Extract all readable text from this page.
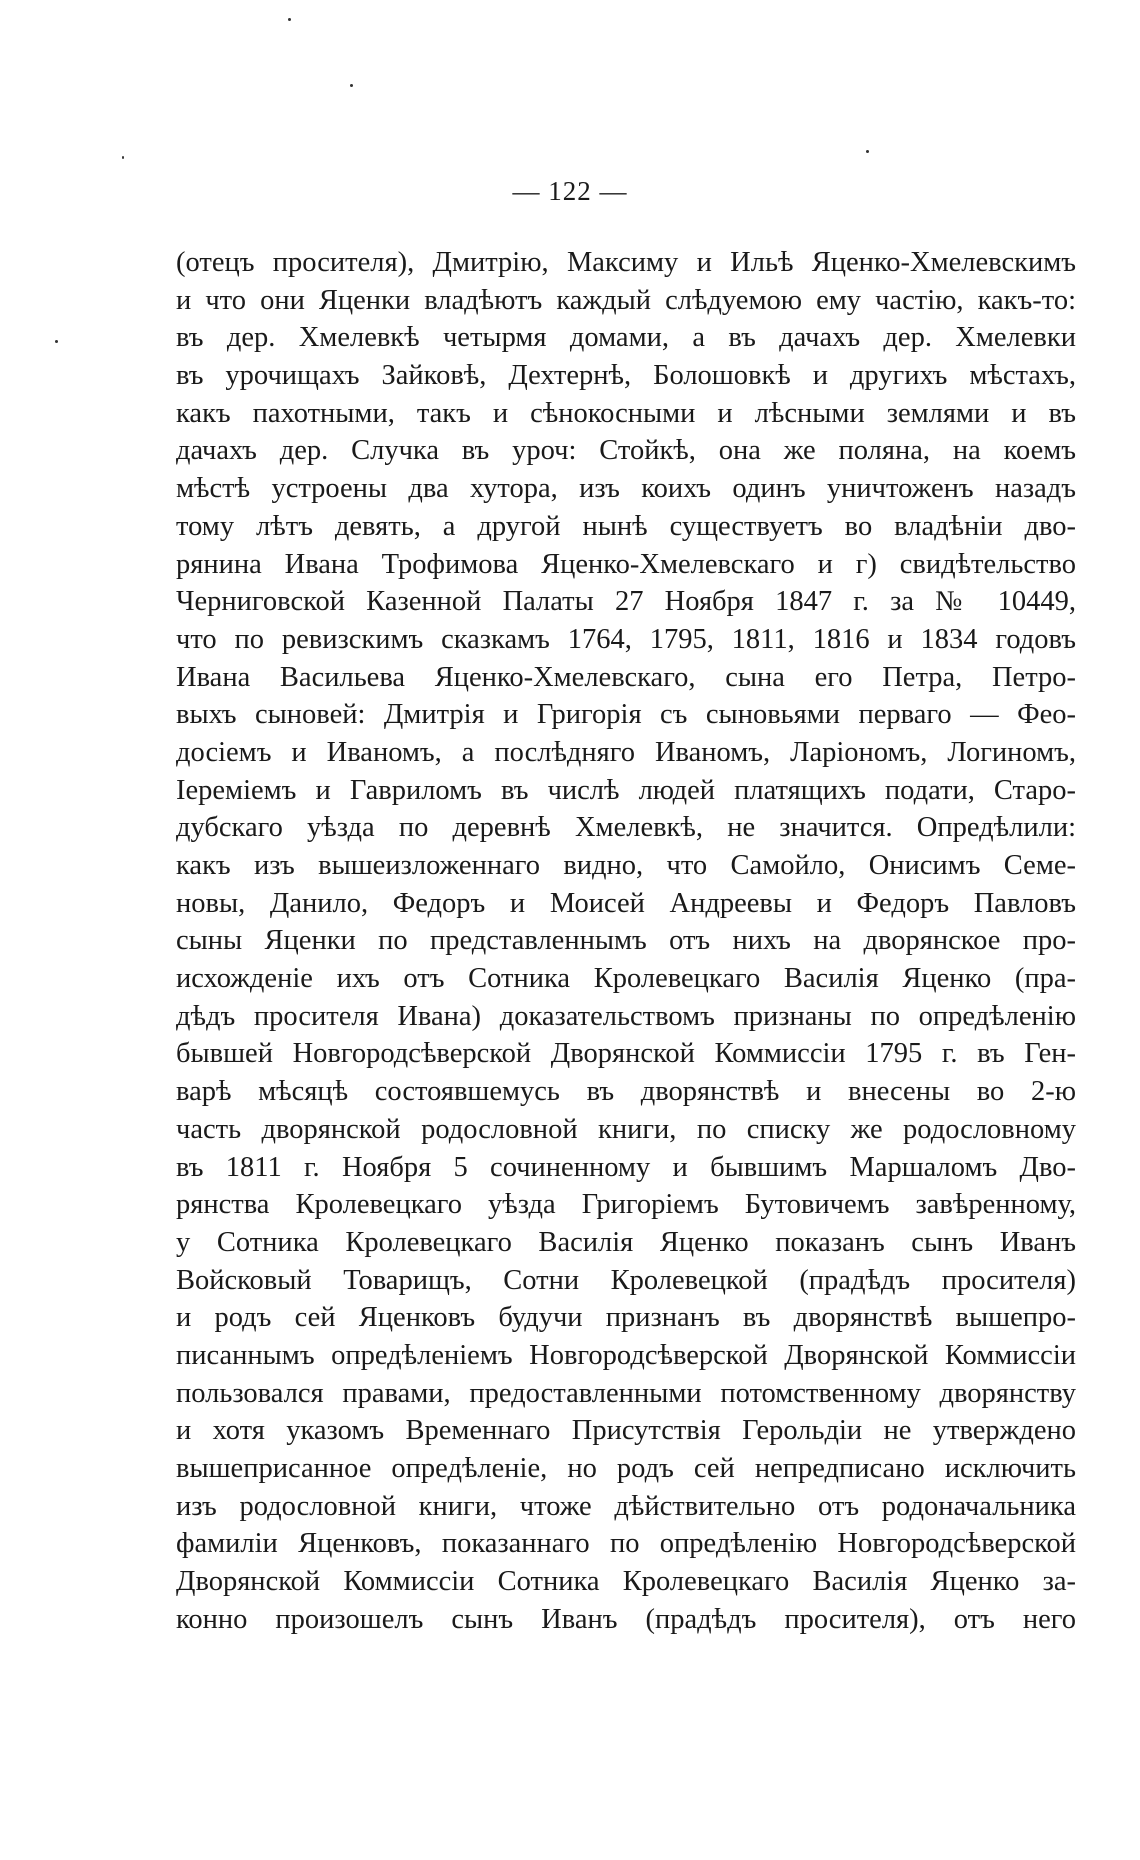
— 122 —
(отецъ просителя), Дмитрію, Максиму и Ильѣ Яценко-Хмелевскимъ
и что они Яценки владѣютъ каждый слѣдуемою ему частію, какъ-то:
въ дер. Хмелевкѣ четырмя домами, а въ дачахъ дер. Хмелевки
въ урочищахъ Зайковѣ, Дехтернѣ, Болошовкѣ и другихъ мѣстахъ,
какъ пахотными, такъ и сѣнокосными и лѣсными землями и въ
дачахъ дер. Случка въ уроч: Стойкѣ, она же поляна, на коемъ
мѣстѣ устроены два хутора, изъ коихъ одинъ уничтоженъ назадъ
тому лѣтъ девять, а другой нынѣ существуетъ во владѣніи дво-
рянина Ивана Трофимова Яценко-Хмелевскаго и г) свидѣтельство
Черниговской Казенной Палаты 27 Ноября 1847 г. за № 10449,
что по ревизскимъ сказкамъ 1764, 1795, 1811, 1816 и 1834 годовъ
Ивана Васильева Яценко-Хмелевскаго, сына его Петра, Петро-
выхъ сыновей: Дмитрія и Григорія съ сыновьями перваго — Фео-
досіемъ и Иваномъ, а послѣдняго Иваномъ, Ларіономъ, Логиномъ,
Іереміемъ и Гавриломъ въ числѣ людей платящихъ подати, Старо-
дубскаго уѣзда по деревнѣ Хмелевкѣ, не значится. Опредѣлили:
какъ изъ вышеизложеннаго видно, что Самойло, Онисимъ Семе-
новы, Данило, Федоръ и Моисей Андреевы и Федоръ Павловъ
сыны Яценки по представленнымъ отъ нихъ на дворянское про-
исхожденіе ихъ отъ Сотника Кролевецкаго Василія Яценко (пра-
дѣдъ просителя Ивана) доказательствомъ признаны по опредѣленію
бывшей Новгородсѣверской Дворянской Коммиссіи 1795 г. въ Ген-
варѣ мѣсяцѣ состоявшемусь въ дворянствѣ и внесены во 2-ю
часть дворянской родословной книги, по списку же родословному
въ 1811 г. Ноября 5 сочиненному и бывшимъ Маршаломъ Дво-
рянства Кролевецкаго уѣзда Григоріемъ Бутовичемъ завѣренному,
у Сотника Кролевецкаго Василія Яценко показанъ сынъ Иванъ
Войсковый Товарищъ, Сотни Кролевецкой (прадѣдъ просителя)
и родъ сей Яценковъ будучи признанъ въ дворянствѣ вышепро-
писаннымъ опредѣленіемъ Новгородсѣверской Дворянской Коммиссіи
пользовался правами, предоставленными потомственному дворянству
и хотя указомъ Временнаго Присутствія Герольдіи не утверждено
вышеприсанное опредѣленіе, но родъ сей непредписано исключить
изъ родословной книги, чтоже дѣйствительно отъ родоначальника
фамиліи Яценковъ, показаннаго по опредѣленію Новгородсѣверской
Дворянской Коммиссіи Сотника Кролевецкаго Василія Яценко за-
конно произошелъ сынъ Иванъ (прадѣдъ просителя), отъ него
